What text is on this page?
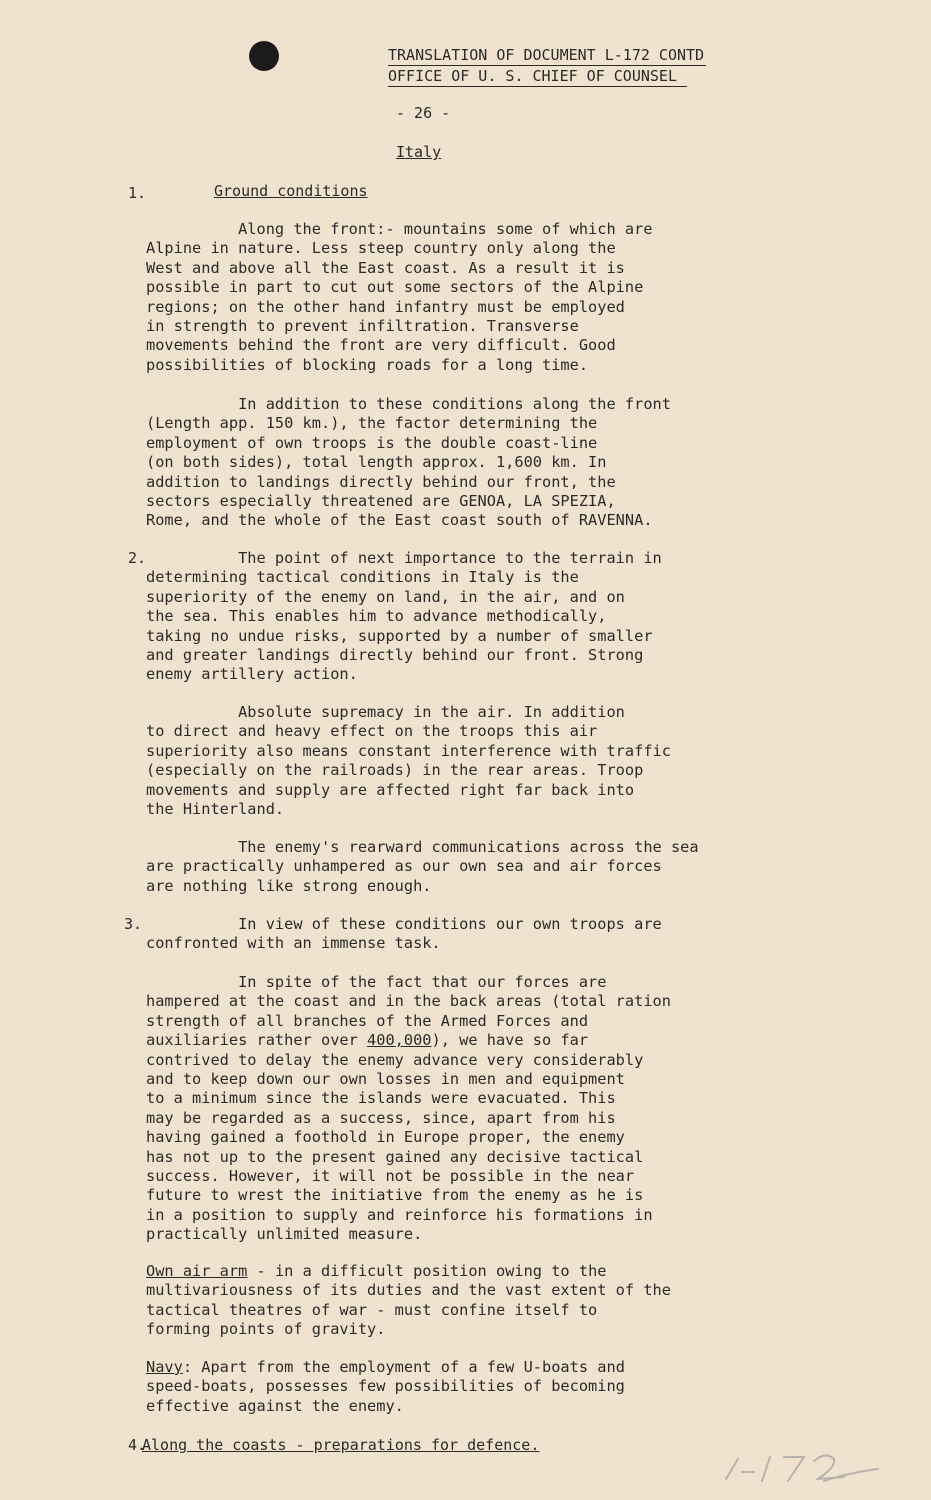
TRANSLATION OF DOCUMENT L-172 CONTD
OFFICE OF U. S. CHIEF OF COUNSEL
- 26 -
Italy
1.	Ground conditions
Along the front:- mountains some of which are
Alpine in nature. Less steep country only along the
West and above all the East coast. As a result it is
possible in part to cut out some sectors of the Alpine
regions; on the other hand infantry must be employed
in strength to prevent infiltration. Transverse
movements behind the front are very difficult. Good
possibilities of blocking roads for a long time.
In addition to these conditions along the front
(Length app. 150 km.), the factor determining the
employment of own troops is the double coast-line
(on both sides), total length approx. 1,600 km. In
addition to landings directly behind our front, the
sectors especially threatened are GENOA, LA SPEZIA,
Rome, and the whole of the East coast south of RAVENNA.
2.	The point of next importance to the terrain in
determining tactical conditions in Italy is the
superiority of the enemy on land, in the air, and on
the sea. This enables him to advance methodically,
taking no undue risks, supported by a number of smaller
and greater landings directly behind our front. Strong
enemy artillery action.
Absolute supremacy in the air. In addition
to direct and heavy effect on the troops this air
superiority also means constant interference with traffic
(especially on the railroads) in the rear areas. Troop
movements and supply are affected right far back into
the Hinterland.
The enemy's rearward communications across the sea
are practically unhampered as our own sea and air forces
are nothing like strong enough.
3.	In view of these conditions our own troops are
confronted with an immense task.
In spite of the fact that our forces are
hampered at the coast and in the back areas (total ration
strength of all branches of the Armed Forces and
auxiliaries rather over 400,000), we have so far
contrived to delay the enemy advance very considerably
and to keep down our own losses in men and equipment
to a minimum since the islands were evacuated. This
may be regarded as a success, since, apart from his
having gained a foothold in Europe proper, the enemy
has not up to the present gained any decisive tactical
success. However, it will not be possible in the near
future to wrest the initiative from the enemy as he is
in a position to supply and reinforce his formations in
practically unlimited measure.
Own air arm - in a difficult position owing to the
multivariousness of its duties and the vast extent of the
tactical theatres of war - must confine itself to
forming points of gravity.
Navy: Apart from the employment of a few U-boats and
speed-boats, possesses few possibilities of becoming
effective against the enemy.
4.
Along the coasts - preparations for defence.
